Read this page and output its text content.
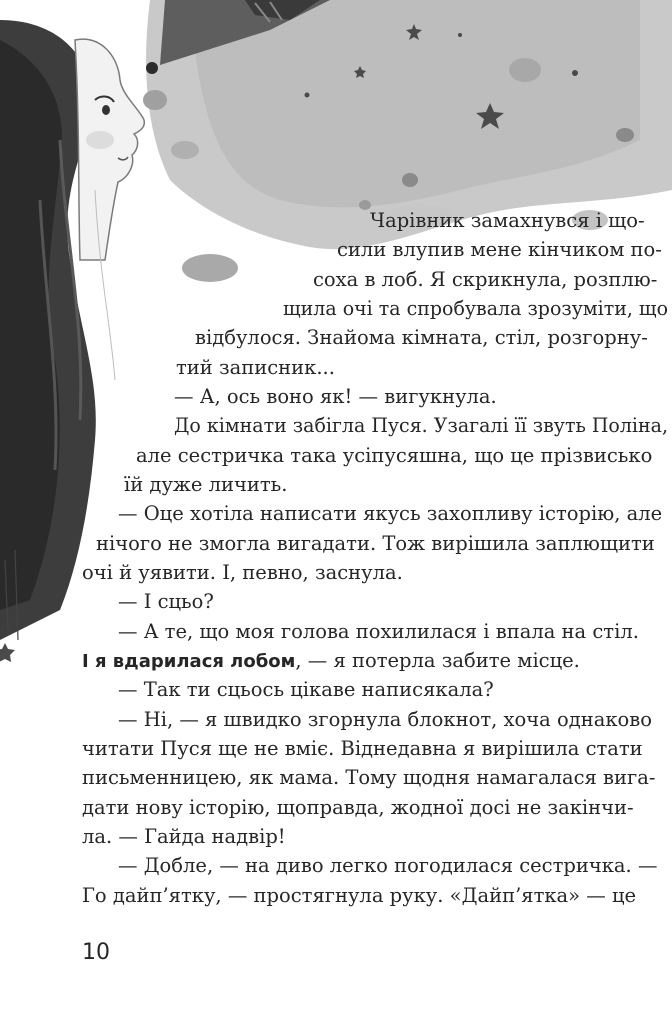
Чарівник замахнувся і що-
сили влупив мене кінчиком по-
соха в лоб. Я скрикнула, розплю-
щила очі та спробувала зрозуміти, що
відбулося. Знайома кімната, стіл, розгорну-
тий записник...
— А, ось воно як! — вигукнула.
До кімнати забігла Пуся. Узагалі її звуть Поліна,
але сестричка така усіпусяшна, що це прізвисько
їй дуже личить.
— Оце хотіла написати якусь захопливу історію, але
нічого не змогла вигадати. Тож вирішила заплющити
очі й уявити. І, певно, заснула.
— І сцьо?
— А те, що моя голова похилилася і впала на стіл.
І я вдарилася лобом, — я потерла забите місце.
— Так ти сцьось цікаве написякала?
— Ні, — я швидко згорнула блокнот, хоча однаково
читати Пуся ще не вміє. Віднедавна я вирішила стати
письменницею, як мама. Тому щодня намагалася вига-
дати нову історію, щоправда, жодної досі не закінчи-
ла. — Гайда надвір!
— Добле, — на диво легко погодилася сестричка. —
Го дайп’ятку, — простягнула руку. «Дайп’ятка» — це
10
